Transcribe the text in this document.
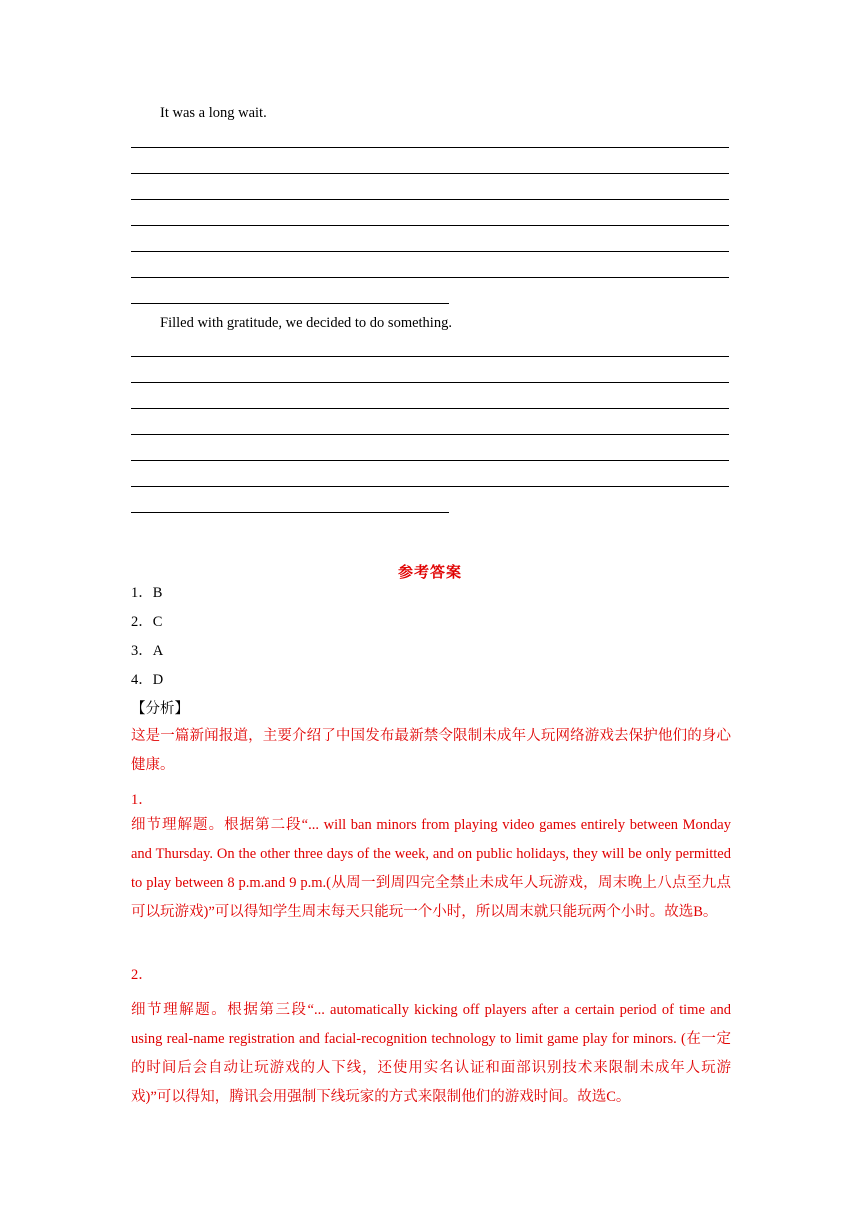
It was a long wait.
Filled with gratitude, we decided to do something.
参考答案
1．B
2．C
3．A
4．D
【分析】
这是一篇新闻报道，主要介绍了中国发布最新禁令限制未成年人玩网络游戏去保护他们的身心健康。
1．
细节理解题。根据第二段“... will ban minors from playing video games entirely between Monday and Thursday. On the other three days of the week, and on public holidays, they will be only permitted to play between 8 p.m.and 9 p.m.(从周一到周四完全禁止未成年人玩游戏，周末晚上八点至九点可以玩游戏)”可以得知学生周末每天只能玩一个小时，所以周末就只能玩两个小时。故选B。
2．
细节理解题。根据第三段“... automatically kicking off players after a certain period of time and using real-name registration and facial-recognition technology to limit game play for minors. (在一定的时间后会自动让玩游戏的人下线，还使用实名认证和面部识别技术来限制未成年人玩游戏)”可以得知，腾讯会用强制下线玩家的方式来限制他们的游戏时间。故选C。
